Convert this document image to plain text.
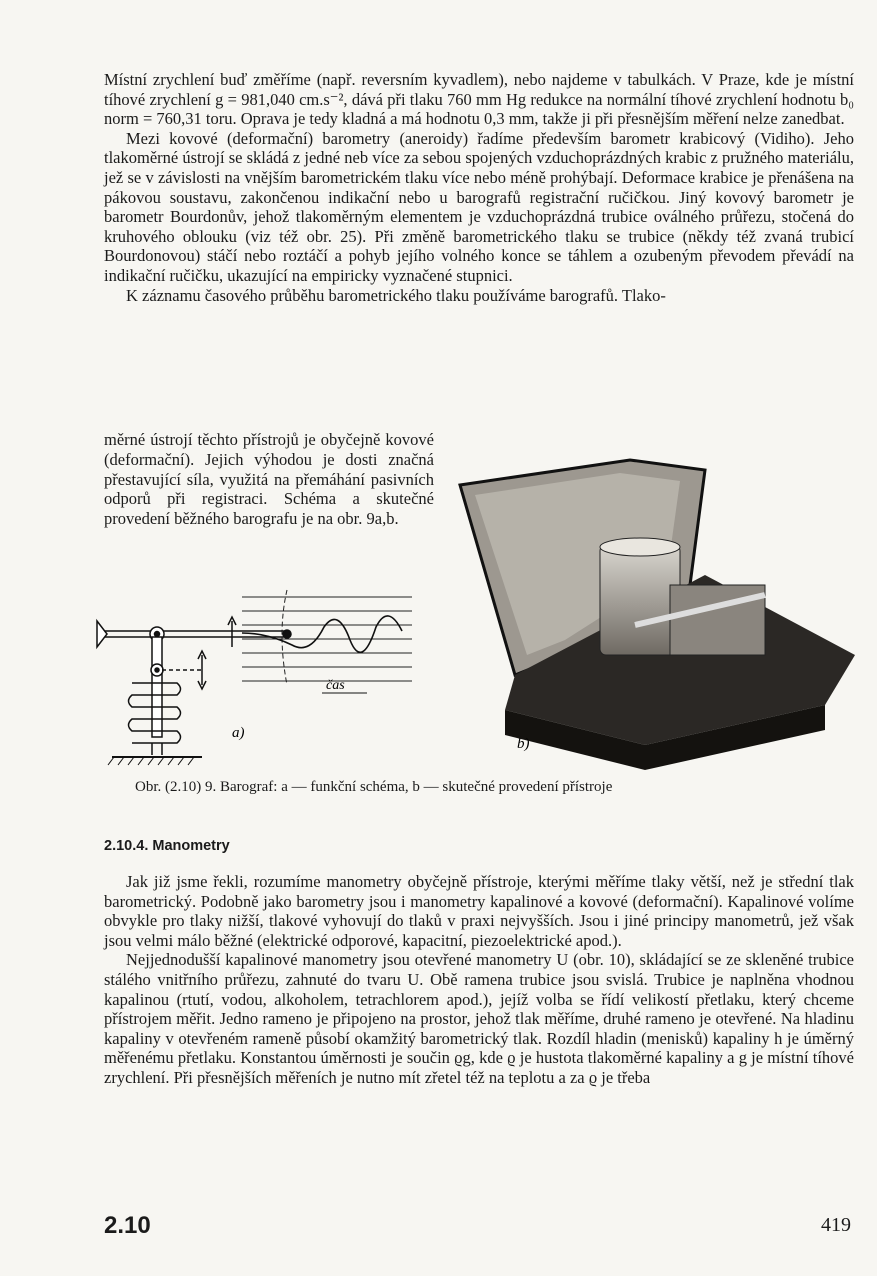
Místní zrychlení buď změříme (např. reversním kyvadlem), nebo najdeme v tabulkách. V Praze, kde je místní tíhové zrychlení g = 981,040 cm.s⁻², dává při tlaku 760 mm Hg redukce na normální tíhové zrychlení hodnotu b₀ norm = 760,31 toru. Oprava je tedy kladná a má hodnotu 0,3 mm, takže ji při přesnějším měření nelze zanedbat.

Mezi kovové (deformační) barometry (aneroidy) řadíme především barometr krabicový (Vidiho). Jeho tlakoměrné ústrojí se skládá z jedné neb více za sebou spojených vzduchoprázdných krabic z pružného materiálu, jež se v závislosti na vnějším barometrickém tlaku více nebo méně prohýbají. Deformace krabice je přenášena na pákovou soustavu, zakončenou indikační nebo u barografů registrační ručičkou. Jiný kovový barometr je barometr Bourdonův, jehož tlakoměrným elementem je vzduchoprázdná trubice oválného průřezu, stočená do kruhového oblouku (viz též obr. 25). Při změně barometrického tlaku se trubice (někdy též zvaná trubicí Bourdonovou) stáčí nebo roztáčí a pohyb jejího volného konce se táhlem a ozubeným převodem převádí na indikační ručičku, ukazující na empiricky vyznačené stupnici.

K záznamu časového průběhu barometrického tlaku používáme barografů. Tlako-

měrné ústrojí těchto přístrojů je obyčejně kovové (deformační). Jejich výhodou je dosti značná přestavující síla, využitá na přemáhání pasivních odporů při registraci. Schéma a skutečné provedení běžného barografu je na obr. 9a,b.

čas
a)
b)
Obr. (2.10) 9. Barograf: a — funkční schéma, b — skutečné provedení přístroje
2.10.4. Manometry

Jak již jsme řekli, rozumíme manometry obyčejně přístroje, kterými měříme tlaky větší, než je střední tlak barometrický. Podobně jako barometry jsou i manometry kapalinové a kovové (deformační). Kapalinové volíme obvykle pro tlaky nižší, tlakové vyhovují do tlaků v praxi nejvyšších. Jsou i jiné principy manometrů, jež však jsou velmi málo běžné (elektrické odporové, kapacitní, piezoelektrické apod.).

Nejjednodušší kapalinové manometry jsou otevřené manometry U (obr. 10), skládající se ze skleněné trubice stálého vnitřního průřezu, zahnuté do tvaru U. Obě ramena trubice jsou svislá. Trubice je naplněna vhodnou kapalinou (rtutí, vodou, alkoholem, tetrachlorem apod.), jejíž volba se řídí velikostí přetlaku, který chceme přístrojem měřit. Jedno rameno je připojeno na prostor, jehož tlak měříme, druhé rameno je otevřené. Na hladinu kapaliny v otevřeném rameně působí okamžitý barometrický tlak. Rozdíl hladin (menisků) kapaliny h je úměrný měřenému přetlaku. Konstantou úměrnosti je součin ϱg, kde ϱ je hustota tlakoměrné kapaliny a g je místní tíhové zrychlení. Při přesnějších měřeních je nutno mít zřetel též na teplotu a za ϱ je třeba

2.10	419
